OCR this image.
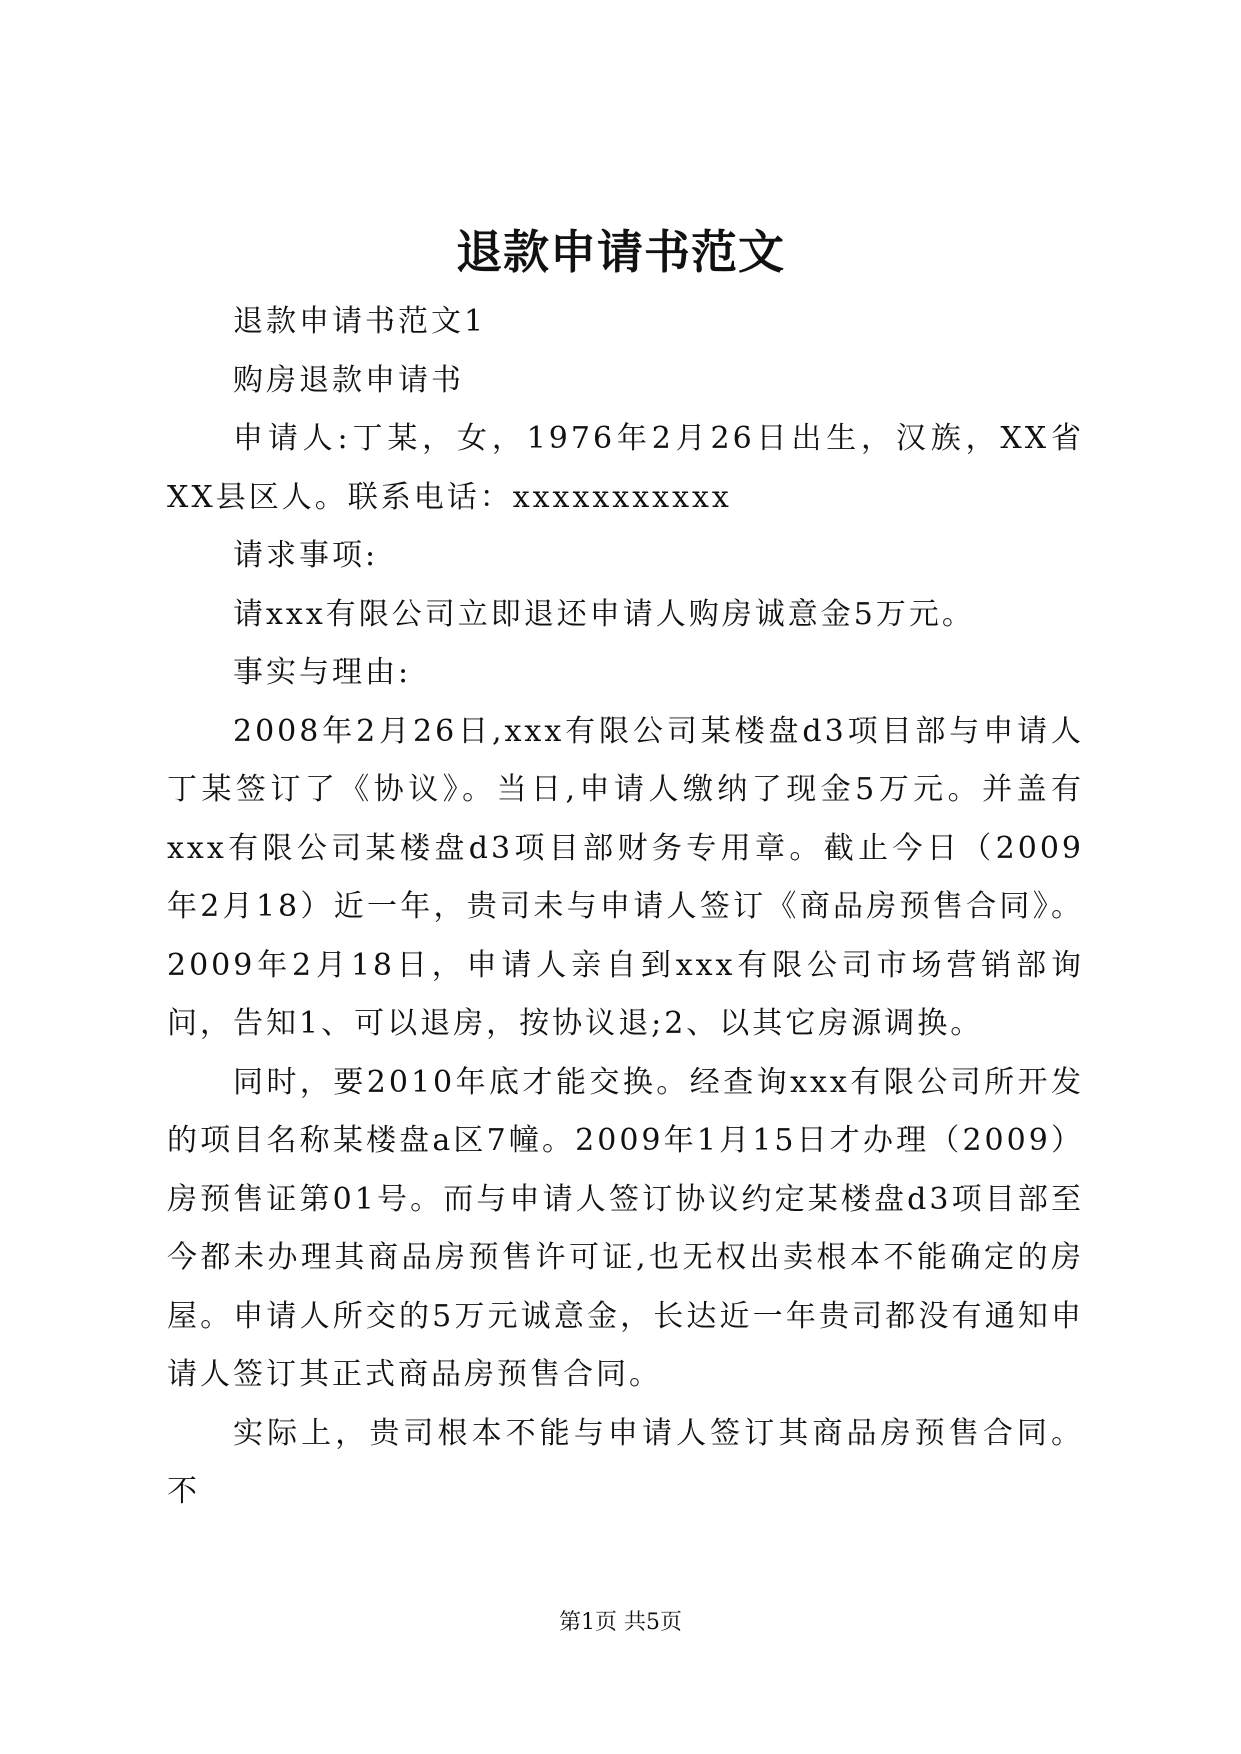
退款申请书范文

退款申请书范文1

购房退款申请书

申请人:丁某，女，1976年2月26日出生，汉族，XX省XX县区人。联系电话：xxxxxxxxxxx

请求事项:

请xxx有限公司立即退还申请人购房诚意金5万元。

事实与理由:

2008年2月26日,xxx有限公司某楼盘d3项目部与申请人丁某签订了《协议》。当日,申请人缴纳了现金5万元。并盖有xxx有限公司某楼盘d3项目部财务专用章。截止今日（2009年2月18）近一年，贵司未与申请人签订《商品房预售合同》。2009年2月18日，申请人亲自到xxx有限公司市场营销部询问，告知1、可以退房，按协议退;2、以其它房源调换。

同时，要2010年底才能交换。经查询xxx有限公司所开发的项目名称某楼盘a区7幢。2009年1月15日才办理（2009）房预售证第01号。而与申请人签订协议约定某楼盘d3项目部至今都未办理其商品房预售许可证,也无权出卖根本不能确定的房屋。申请人所交的5万元诚意金，长达近一年贵司都没有通知申请人签订其正式商品房预售合同。

实际上，贵司根本不能与申请人签订其商品房预售合同。不

第1页 共5页
